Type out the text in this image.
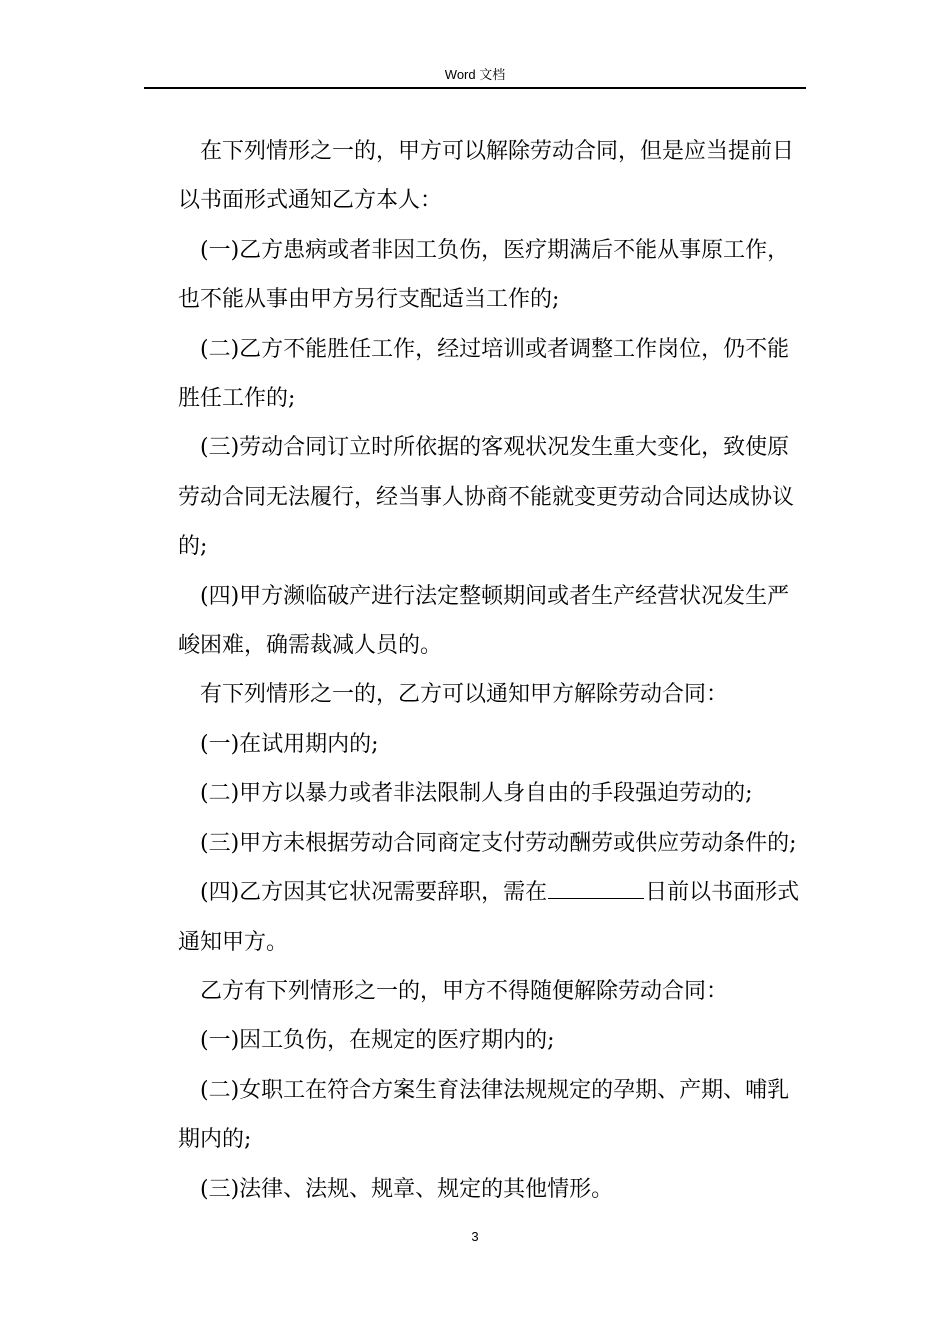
Word 文档

在下列情形之一的，甲方可以解除劳动合同，但是应当提前日以书面形式通知乙方本人：

(一)乙方患病或者非因工负伤，医疗期满后不能从事原工作，也不能从事由甲方另行支配适当工作的;

(二)乙方不能胜任工作，经过培训或者调整工作岗位，仍不能胜任工作的;

(三)劳动合同订立时所依据的客观状况发生重大变化，致使原劳动合同无法履行，经当事人协商不能就变更劳动合同达成协议的;

(四)甲方濒临破产进行法定整顿期间或者生产经营状况发生严峻困难，确需裁减人员的。

有下列情形之一的，乙方可以通知甲方解除劳动合同：

(一)在试用期内的;

(二)甲方以暴力或者非法限制人身自由的手段强迫劳动的;

(三)甲方未根据劳动合同商定支付劳动酬劳或供应劳动条件的;

(四)乙方因其它状况需要辞职，需在	日前以书面形式通知甲方。

乙方有下列情形之一的，甲方不得随便解除劳动合同：

(一)因工负伤，在规定的医疗期内的;

(二)女职工在符合方案生育法律法规规定的孕期、产期、哺乳期内的;

(三)法律、法规、规章、规定的其他情形。

3
